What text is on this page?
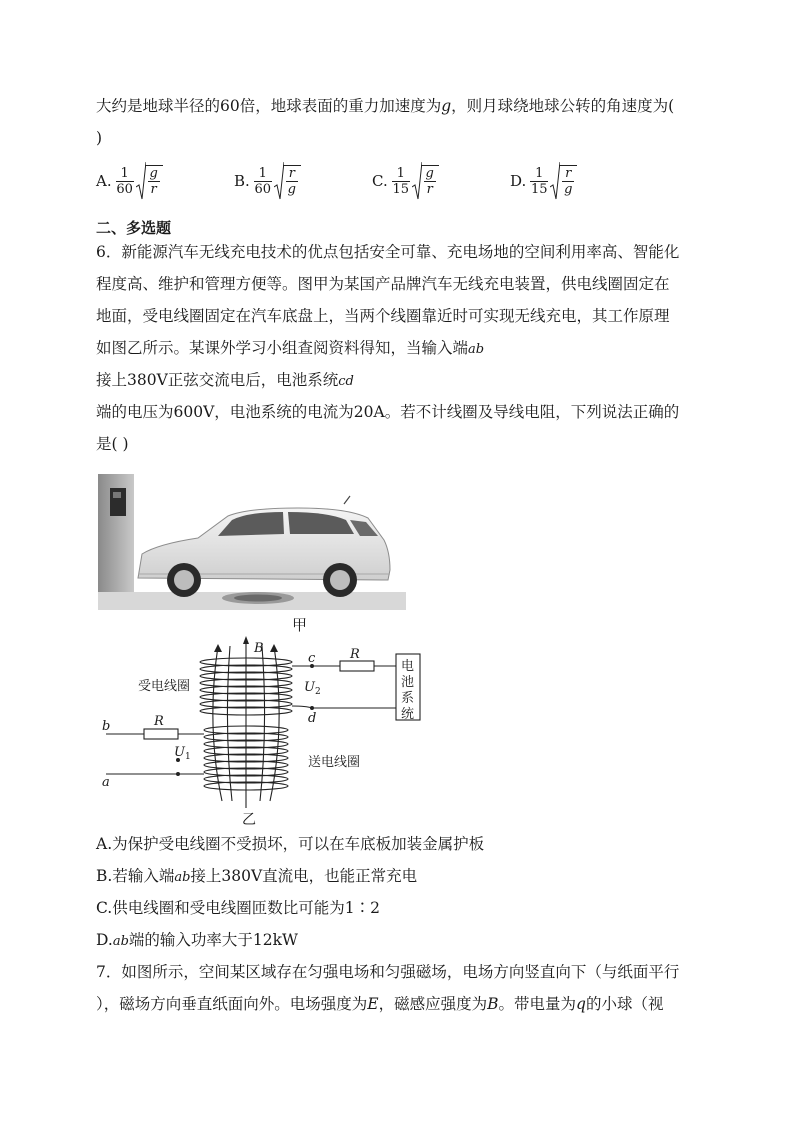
大约是地球半径的60倍，地球表面的重力加速度为g，则月球绕地球公转的角速度为(
)
A. $\frac{1}{60} \frac{g}{r}$	B. $\frac{1}{60} \frac{r}{g}$	C. $\frac{1}{15} \frac{g}{r}$	D. $\frac{1}{15} \frac{r}{g}$
二、多选题
6．新能源汽车无线充电技术的优点包括安全可靠、充电场地的空间利用率高、智能化
程度高、维护和管理方便等。图甲为某国产品牌汽车无线充电装置，供电线圈固定在
地面，受电线圈固定在汽车底盘上，当两个线圈靠近时可实现无线充电，其工作原理
如图乙所示。某课外学习小组查阅资料得知，当输入端ab
接上380V正弦交流电后，电池系统cd
端的电压为600V，电池系统的电流为20A。若不计线圈及导线电阻，下列说法正确的
是( )
甲
B
c
d
R
U 2
受电线圈
b	R
U 1
a
送电线圈
电
池
系
统
乙
A.为保护受电线圈不受损坏，可以在车底板加装金属护板
B.若输入端ab接上380V直流电，也能正常充电
C.供电线圈和受电线圈匝数比可能为1∶2
D.ab端的输入功率大于12kW
7．如图所示，空间某区域存在匀强电场和匀强磁场，电场方向竖直向下（与纸面平行
），磁场方向垂直纸面向外。电场强度为E，磁感应强度为B。带电量为q的小球（视
